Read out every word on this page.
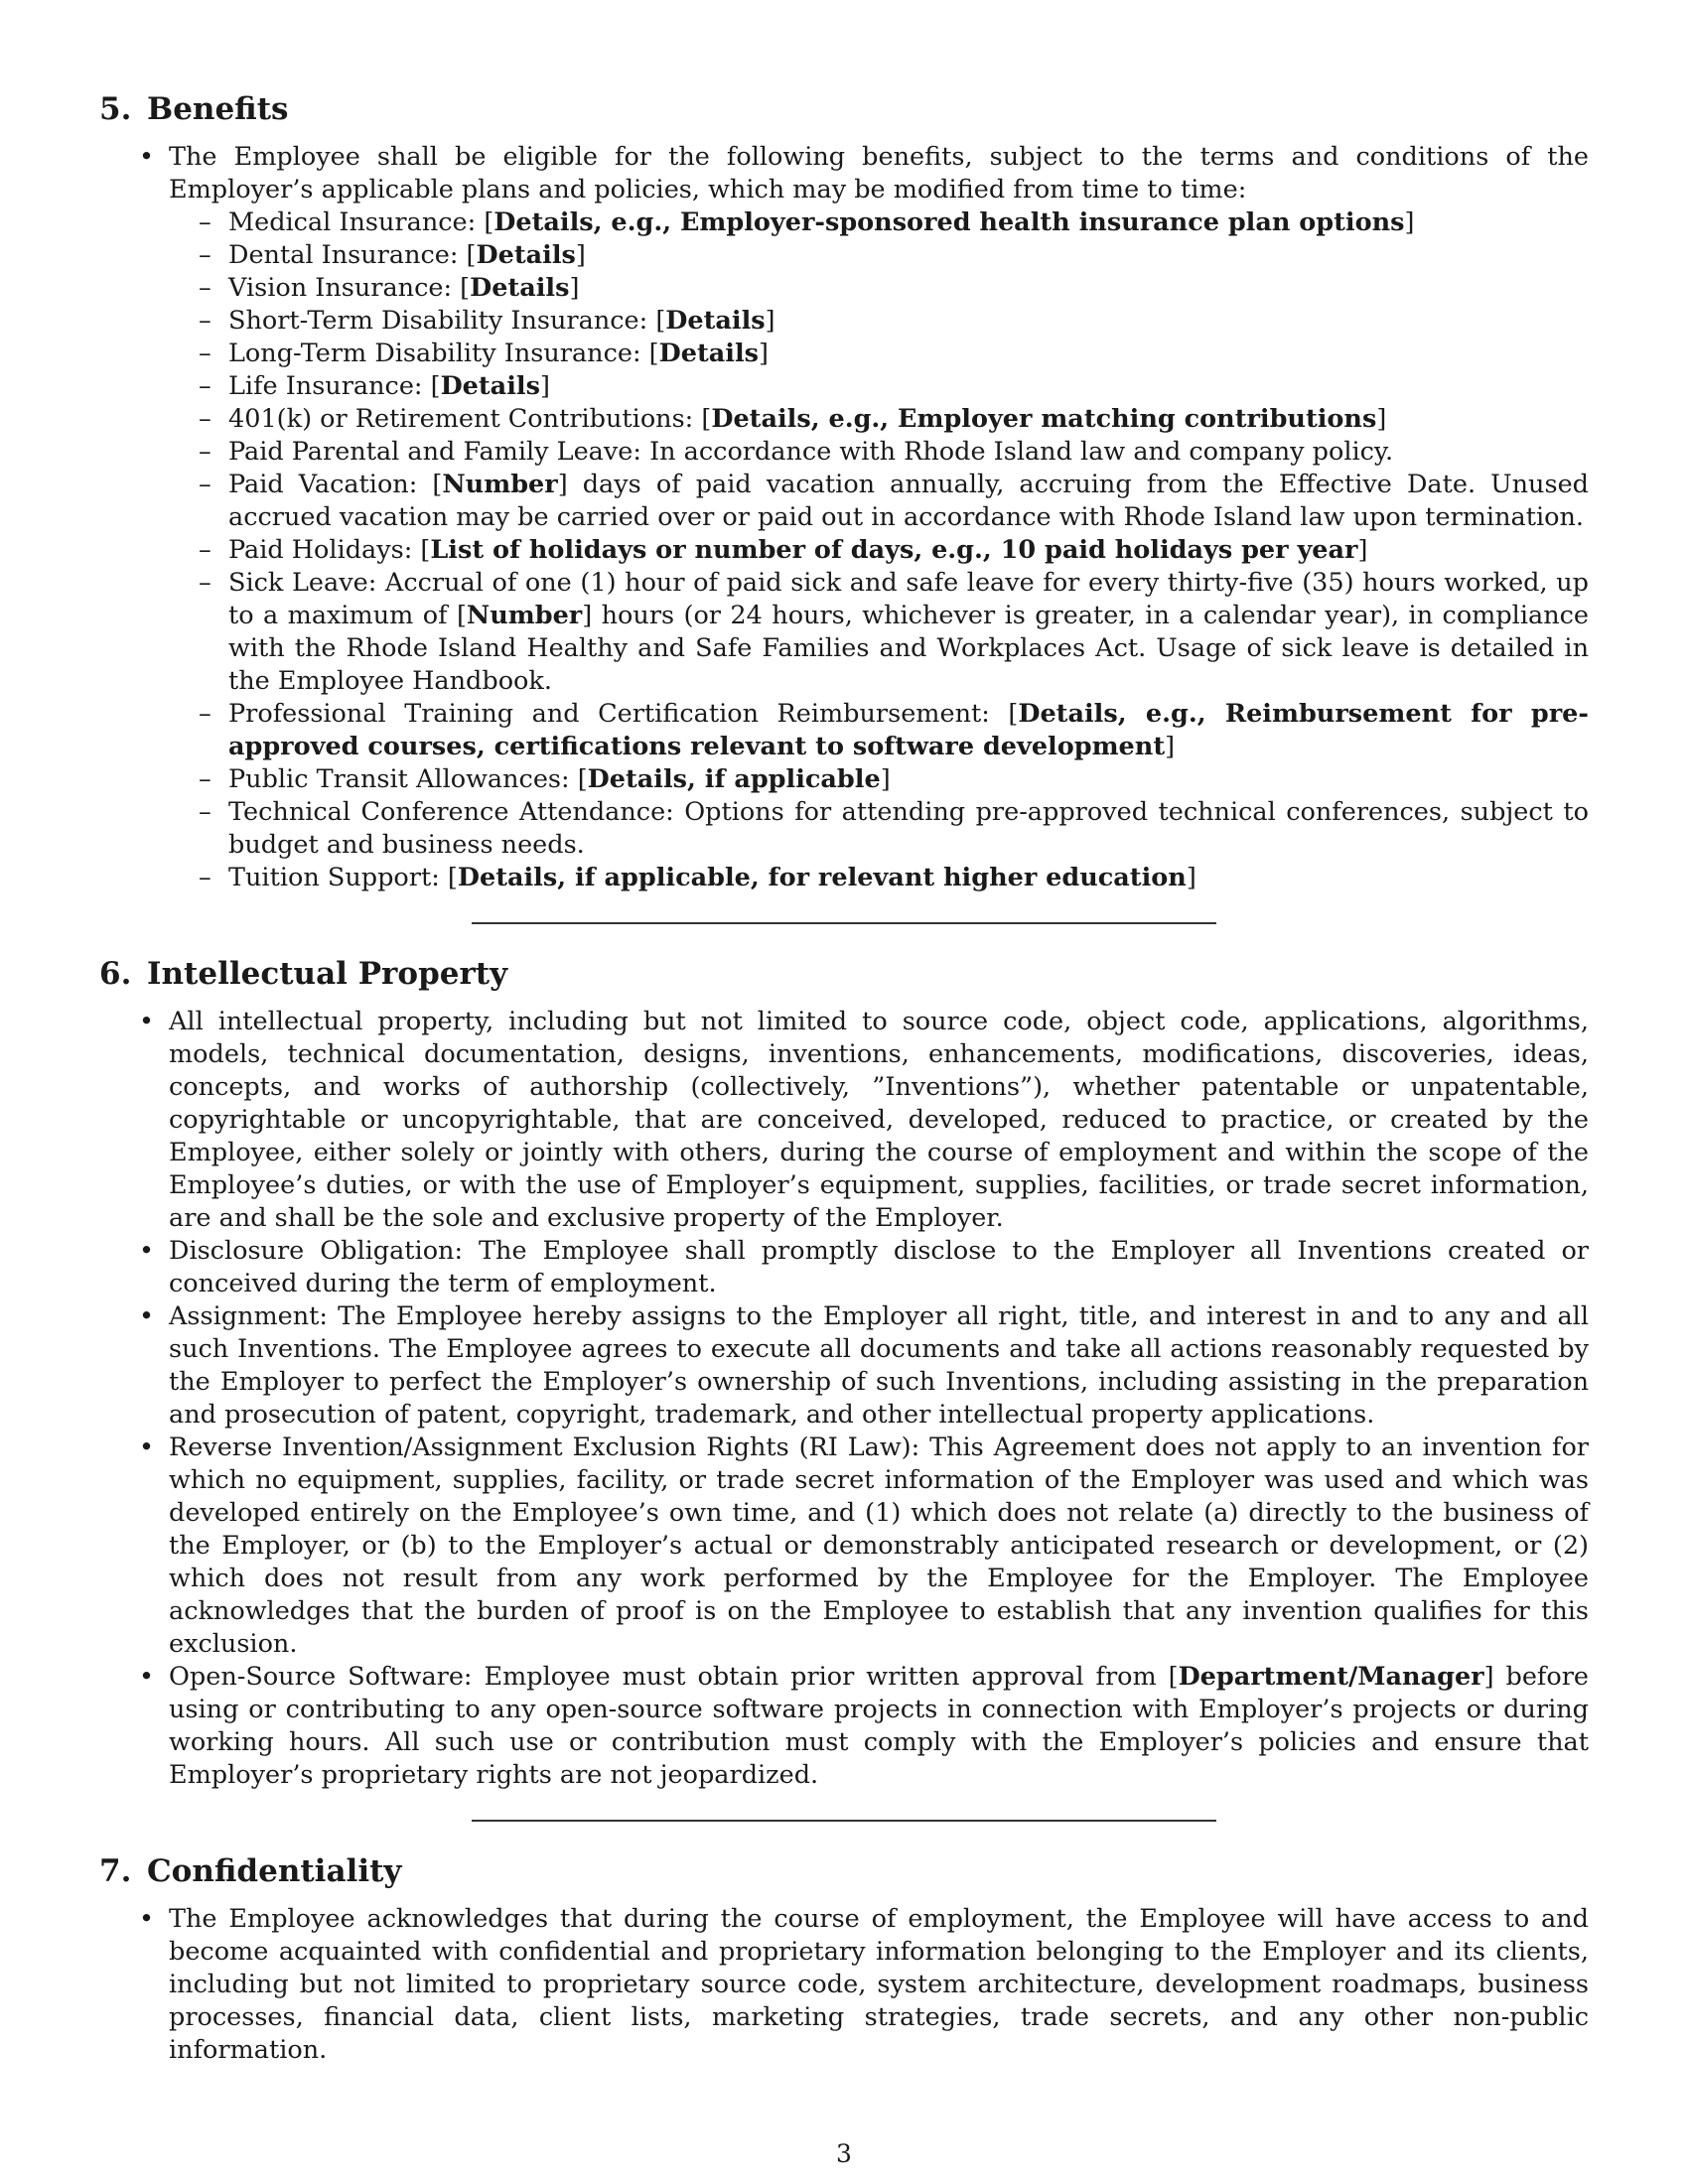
5. Benefits
• The Employee shall be eligible for the following benefits, subject to the terms and conditions of the Employer’s applicable plans and policies, which may be modified from time to time:
– Medical Insurance: [Details, e.g., Employer-sponsored health insurance plan options]
– Dental Insurance: [Details]
– Vision Insurance: [Details]
– Short-Term Disability Insurance: [Details]
– Long-Term Disability Insurance: [Details]
– Life Insurance: [Details]
– 401(k) or Retirement Contributions: [Details, e.g., Employer matching contributions]
– Paid Parental and Family Leave: In accordance with Rhode Island law and company policy.
– Paid Vacation: [Number] days of paid vacation annually, accruing from the Effective Date. Unused accrued vacation may be carried over or paid out in accordance with Rhode Island law upon termination.
– Paid Holidays: [List of holidays or number of days, e.g., 10 paid holidays per year]
– Sick Leave: Accrual of one (1) hour of paid sick and safe leave for every thirty-five (35) hours worked, up to a maximum of [Number] hours (or 24 hours, whichever is greater, in a calendar year), in compliance with the Rhode Island Healthy and Safe Families and Workplaces Act. Usage of sick leave is detailed in the Employee Handbook.
– Professional Training and Certification Reimbursement: [Details, e.g., Reimbursement for pre-approved courses, certifications relevant to software development]
– Public Transit Allowances: [Details, if applicable]
– Technical Conference Attendance: Options for attending pre-approved technical conferences, subject to budget and business needs.
– Tuition Support: [Details, if applicable, for relevant higher education]
6. Intellectual Property
• All intellectual property, including but not limited to source code, object code, applications, algorithms, models, technical documentation, designs, inventions, enhancements, modifications, discoveries, ideas, concepts, and works of authorship (collectively, ”Inventions”), whether patentable or unpatentable, copyrightable or uncopyrightable, that are conceived, developed, reduced to practice, or created by the Employee, either solely or jointly with others, during the course of employment and within the scope of the Employee’s duties, or with the use of Employer’s equipment, supplies, facilities, or trade secret information, are and shall be the sole and exclusive property of the Employer.
• Disclosure Obligation: The Employee shall promptly disclose to the Employer all Inventions created or conceived during the term of employment.
• Assignment: The Employee hereby assigns to the Employer all right, title, and interest in and to any and all such Inventions. The Employee agrees to execute all documents and take all actions reasonably requested by the Employer to perfect the Employer’s ownership of such Inventions, including assisting in the preparation and prosecution of patent, copyright, trademark, and other intellectual property applications.
• Reverse Invention/Assignment Exclusion Rights (RI Law): This Agreement does not apply to an invention for which no equipment, supplies, facility, or trade secret information of the Employer was used and which was developed entirely on the Employee’s own time, and (1) which does not relate (a) directly to the business of the Employer, or (b) to the Employer’s actual or demonstrably anticipated research or development, or (2) which does not result from any work performed by the Employee for the Employer. The Employee acknowledges that the burden of proof is on the Employee to establish that any invention qualifies for this exclusion.
• Open-Source Software: Employee must obtain prior written approval from [Department/Manager] before using or contributing to any open-source software projects in connection with Employer’s projects or during working hours. All such use or contribution must comply with the Employer’s policies and ensure that Employer’s proprietary rights are not jeopardized.
7. Confidentiality
• The Employee acknowledges that during the course of employment, the Employee will have access to and become acquainted with confidential and proprietary information belonging to the Employer and its clients, including but not limited to proprietary source code, system architecture, development roadmaps, business processes, financial data, client lists, marketing strategies, trade secrets, and any other non-public information.
3
